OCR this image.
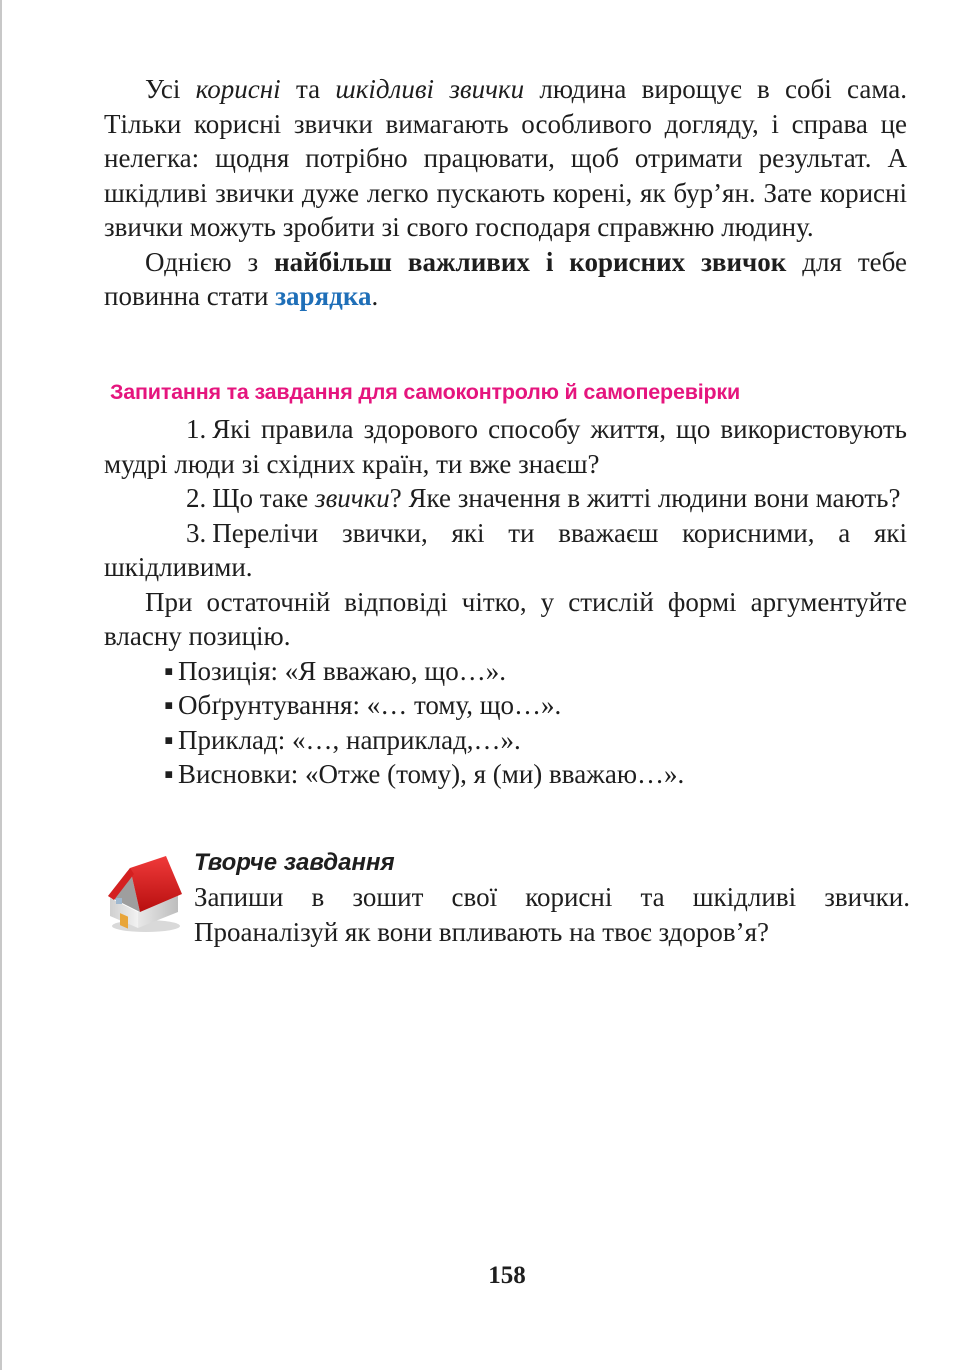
Усі корисні та шкідливі звички людина вирощує в собі сама. Тільки корисні звички вимагають особливого догляду, і справа це нелегка: щодня потрібно працювати, щоб отримати результат. А шкідливі звички дуже легко пускають корені, як бур’ян. Зате корисні звички можуть зробити зі свого господаря справжню людину.

Однією з найбільш важливих і корисних звичок для тебе повинна стати зарядка.

Запитання та завдання для самоконтролю й самоперевірки

1. Які правила здорового способу життя, що використовують мудрі люди зі східних країн, ти вже знаєш?

2. Що таке звички? Яке значення в житті людини вони мають?

3. Перелічи звички, які ти вважаєш корисними, а які шкідливими.

При остаточній відповіді чітко, у стислій формі аргументуйте власну позицію.

▪ Позиція: «Я вважаю, що…».
▪ Обґрунтування: «… тому, що…».
▪ Приклад: «…, наприклад,…».
▪ Висновки: «Отже (тому), я (ми) вважаю…».
Творче завдання

Запиши в зошит свої корисні та шкідливі звички. Проаналізуй як вони впливають на твоє здоров’я?

158
